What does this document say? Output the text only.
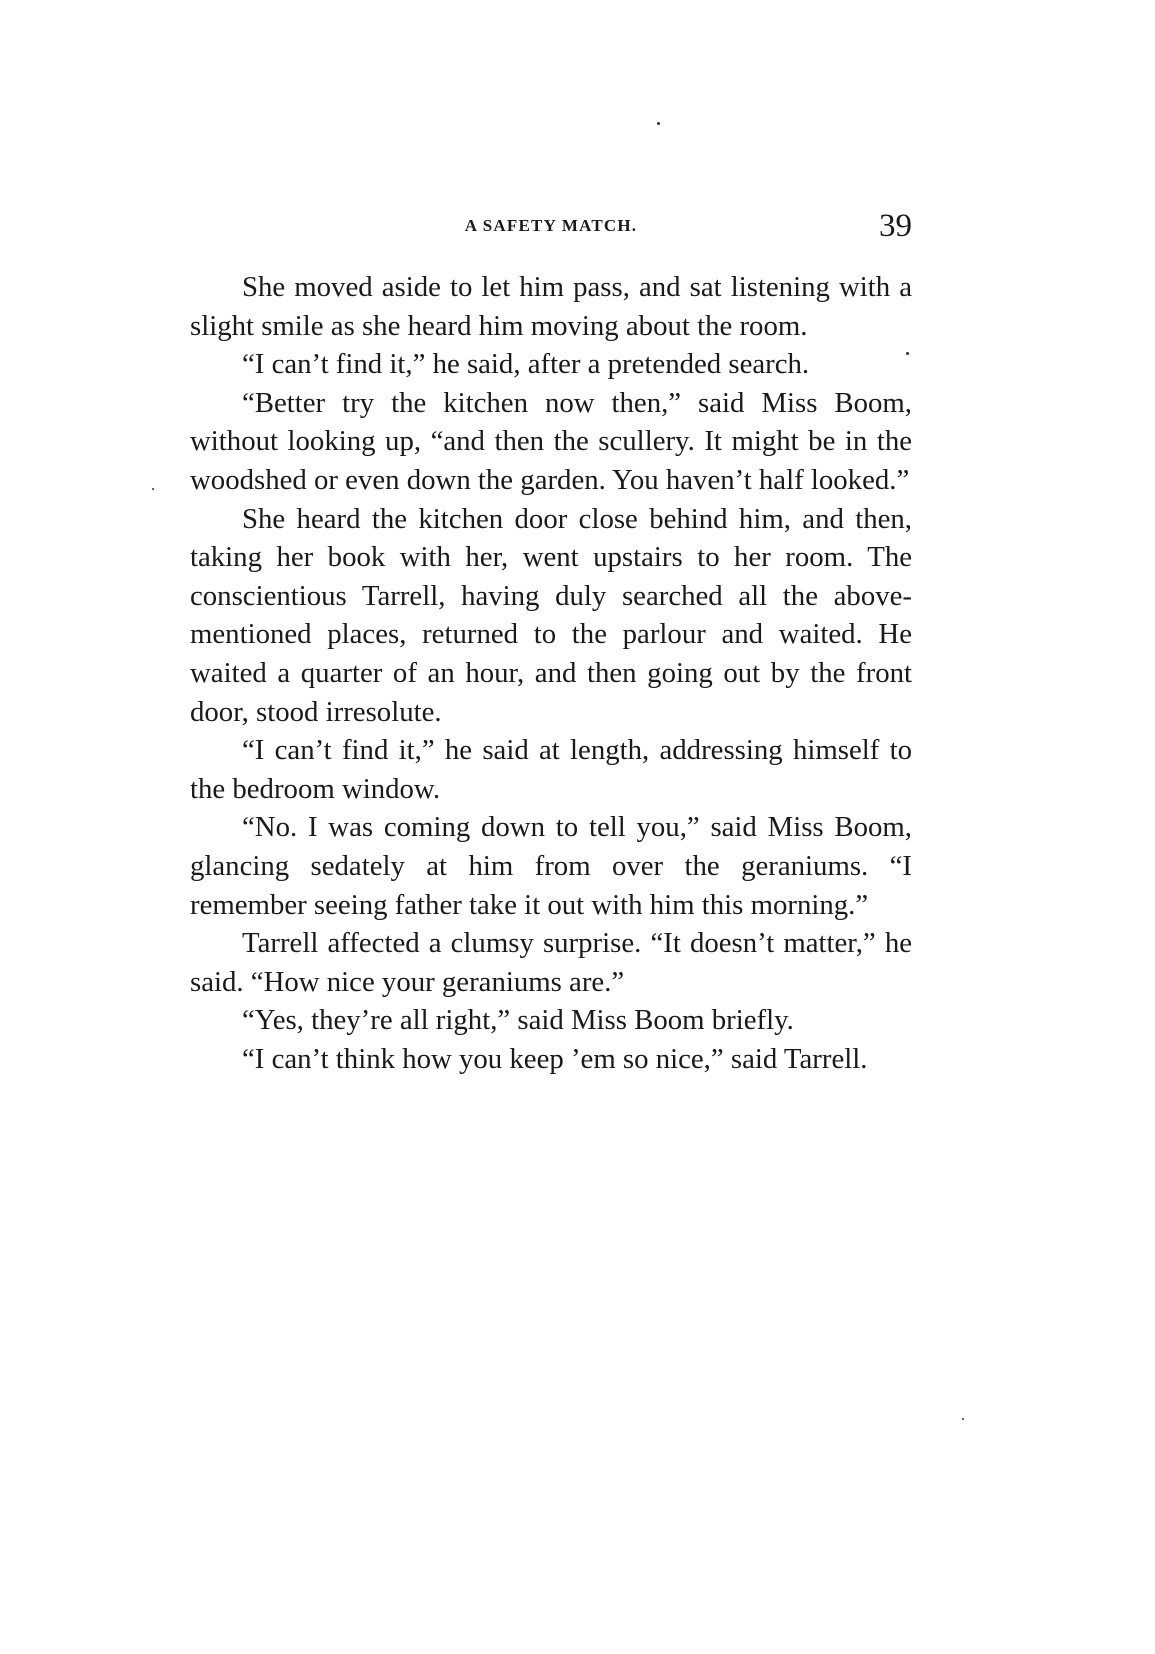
A SAFETY MATCH.	39

She moved aside to let him pass, and sat listening with a slight smile as she heard him moving about the room.

“I can’t find it,” he said, after a pretended search.

“Better try the kitchen now then,” said Miss Boom, without looking up, “and then the scullery. It might be in the woodshed or even down the garden. You haven’t half looked.”

She heard the kitchen door close behind him, and then, taking her book with her, went upstairs to her room. The conscientious Tarrell, having duly searched all the above-mentioned places, returned to the parlour and waited. He waited a quarter of an hour, and then going out by the front door, stood irresolute.

“I can’t find it,” he said at length, addressing himself to the bedroom window.

“No. I was coming down to tell you,” said Miss Boom, glancing sedately at him from over the geraniums. “I remember seeing father take it out with him this morning.”

Tarrell affected a clumsy surprise. “It doesn’t matter,” he said. “How nice your geraniums are.”

“Yes, they’re all right,” said Miss Boom briefly.

“I can’t think how you keep ’em so nice,” said Tarrell.
